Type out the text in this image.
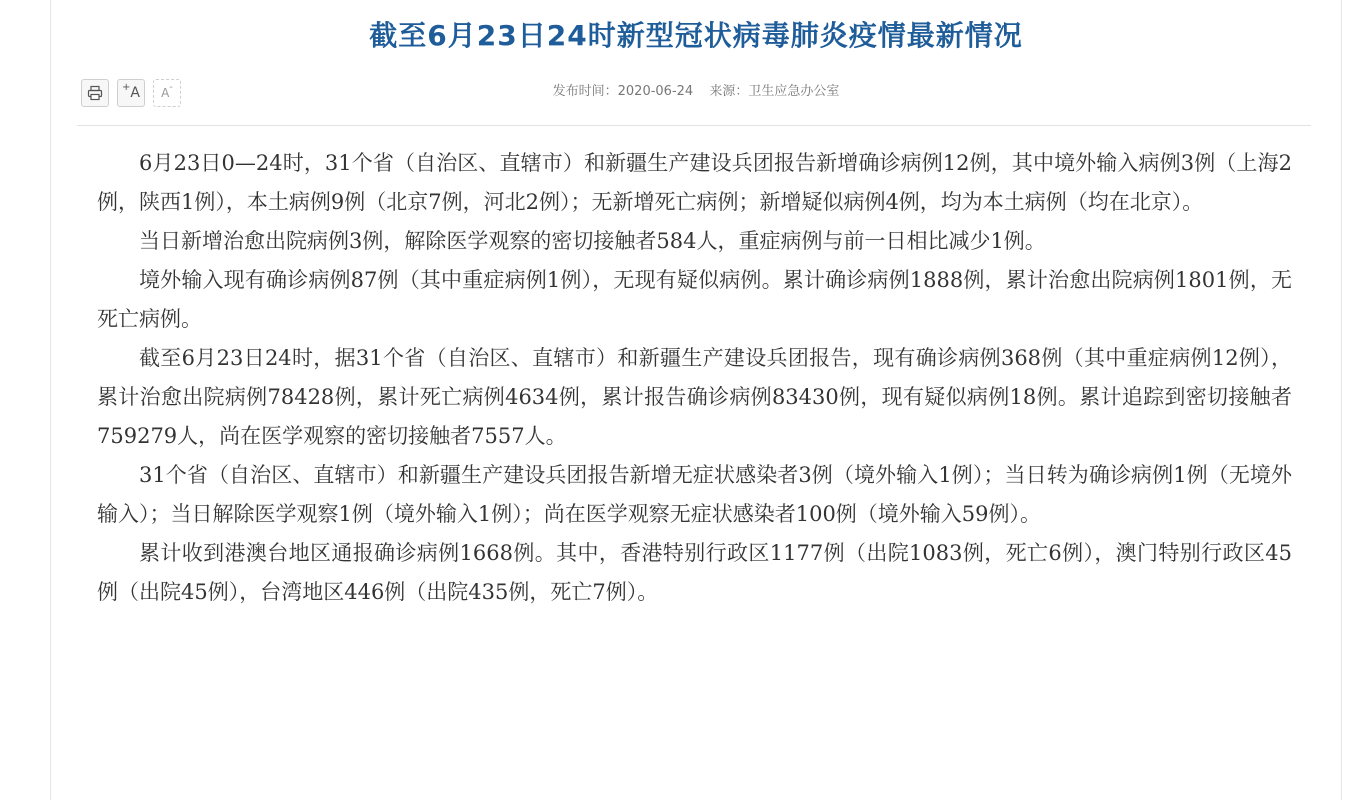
截至6月23日24时新型冠状病毒肺炎疫情最新情况
+ A A -	发布时间：2020-06-24 来源：卫生应急办公室

6月23日0—24时，31个省（自治区、直辖市）和新疆生产建设兵团报告新增确诊病例12例，其中境外输入病例3例（上海2例，陕西1例），本土病例9例（北京7例，河北2例）；无新增死亡病例；新增疑似病例4例，均为本土病例（均在北京）。

当日新增治愈出院病例3例，解除医学观察的密切接触者584人，重症病例与前一日相比减少1例。

境外输入现有确诊病例87例（其中重症病例1例），无现有疑似病例。累计确诊病例1888例，累计治愈出院病例1801例，无死亡病例。

截至6月23日24时，据31个省（自治区、直辖市）和新疆生产建设兵团报告，现有确诊病例368例（其中重症病例12例），累计治愈出院病例78428例，累计死亡病例4634例，累计报告确诊病例83430例，现有疑似病例18例。累计追踪到密切接触者759279人，尚在医学观察的密切接触者7557人。

31个省（自治区、直辖市）和新疆生产建设兵团报告新增无症状感染者3例（境外输入1例）；当日转为确诊病例1例（无境外输入）；当日解除医学观察1例（境外输入1例）；尚在医学观察无症状感染者100例（境外输入59例）。

累计收到港澳台地区通报确诊病例1668例。其中，香港特别行政区1177例（出院1083例，死亡6例），澳门特别行政区45例（出院45例），台湾地区446例（出院435例，死亡7例）。
